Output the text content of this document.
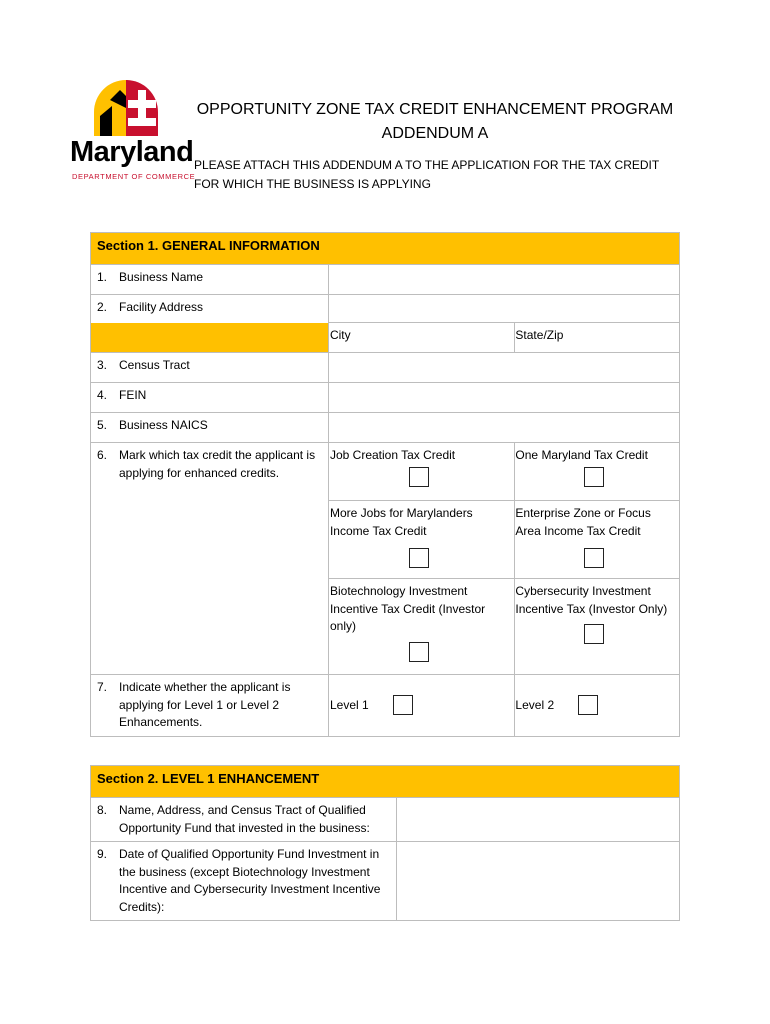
Maryland
DEPARTMENT OF COMMERCE
OPPORTUNITY ZONE TAX CREDIT ENHANCEMENT PROGRAM
ADDENDUM A
PLEASE ATTACH THIS ADDENDUM A TO THE APPLICATION FOR THE TAX CREDIT FOR WHICH THE BUSINESS IS APPLYING
Section 1. GENERAL INFORMATION		
1. Business Name		
2. Facility Address		
	City	State/Zip
3. Census Tract		
4. FEIN		
5. Business NAICS		

6. Mark which tax credit the applicant is applying for enhanced credits.	Job Creation Tax Credit	One Maryland Tax Credit

	More Jobs for Marylanders Income Tax Credit	Enterprise Zone or Focus Area Income Tax Credit

	Biotechnology Investment Incentive Tax Credit (Investor only)	Cybersecurity Investment Incentive Tax (Investor Only)

7. Indicate whether the applicant is applying for Level 1 or Level 2 Enhancements.	Level 1	Level 2
Section 2. LEVEL 1 ENHANCEMENT	

8. Name, Address, and Census Tract of Qualified Opportunity Fund that invested in the business:	

9. Date of Qualified Opportunity Fund Investment in the business (except Biotechnology Investment Incentive and Cybersecurity Investment Incentive Credits):	
